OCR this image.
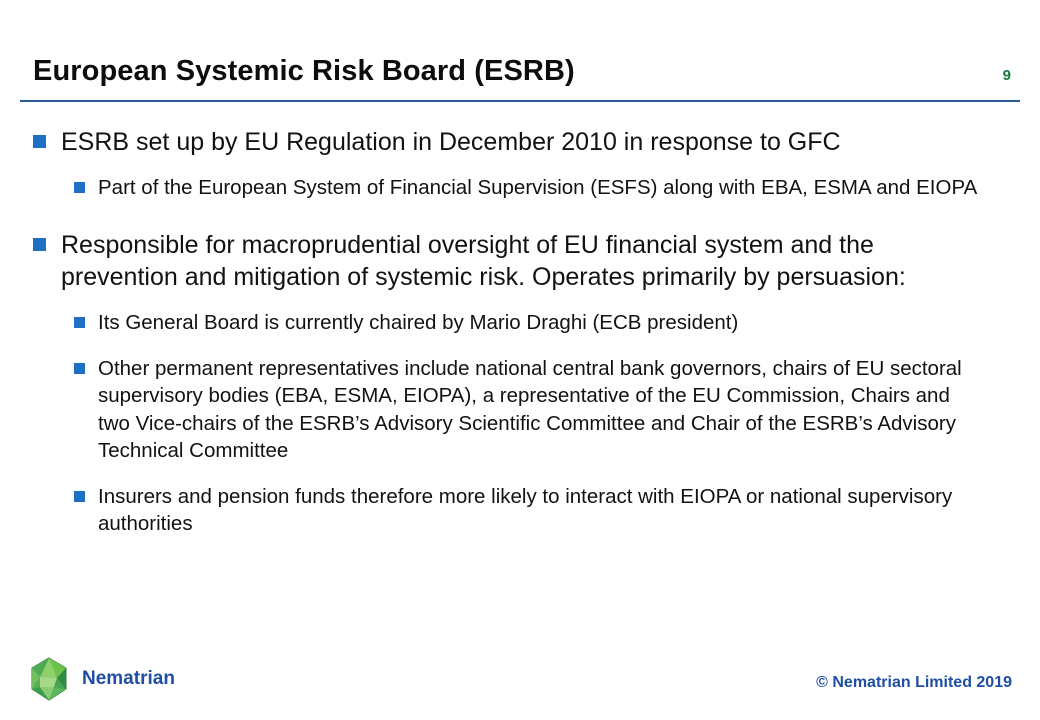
European Systemic Risk Board (ESRB)	9
ESRB set up by EU Regulation in December 2010 in response to GFC
Part of the European System of Financial Supervision (ESFS) along with EBA, ESMA and EIOPA
Responsible for macroprudential oversight of EU financial system and the prevention and mitigation of systemic risk. Operates primarily by persuasion:
Its General Board is currently chaired by Mario Draghi (ECB president)
Other permanent representatives include national central bank governors, chairs of EU sectoral supervisory bodies (EBA, ESMA, EIOPA), a representative of the EU Commission, Chairs and two Vice-chairs of the ESRB’s Advisory Scientific Committee and Chair of the ESRB’s Advisory Technical Committee
Insurers and pension funds therefore more likely to interact with EIOPA or national supervisory authorities
Nematrian	© Nematrian Limited 2019
